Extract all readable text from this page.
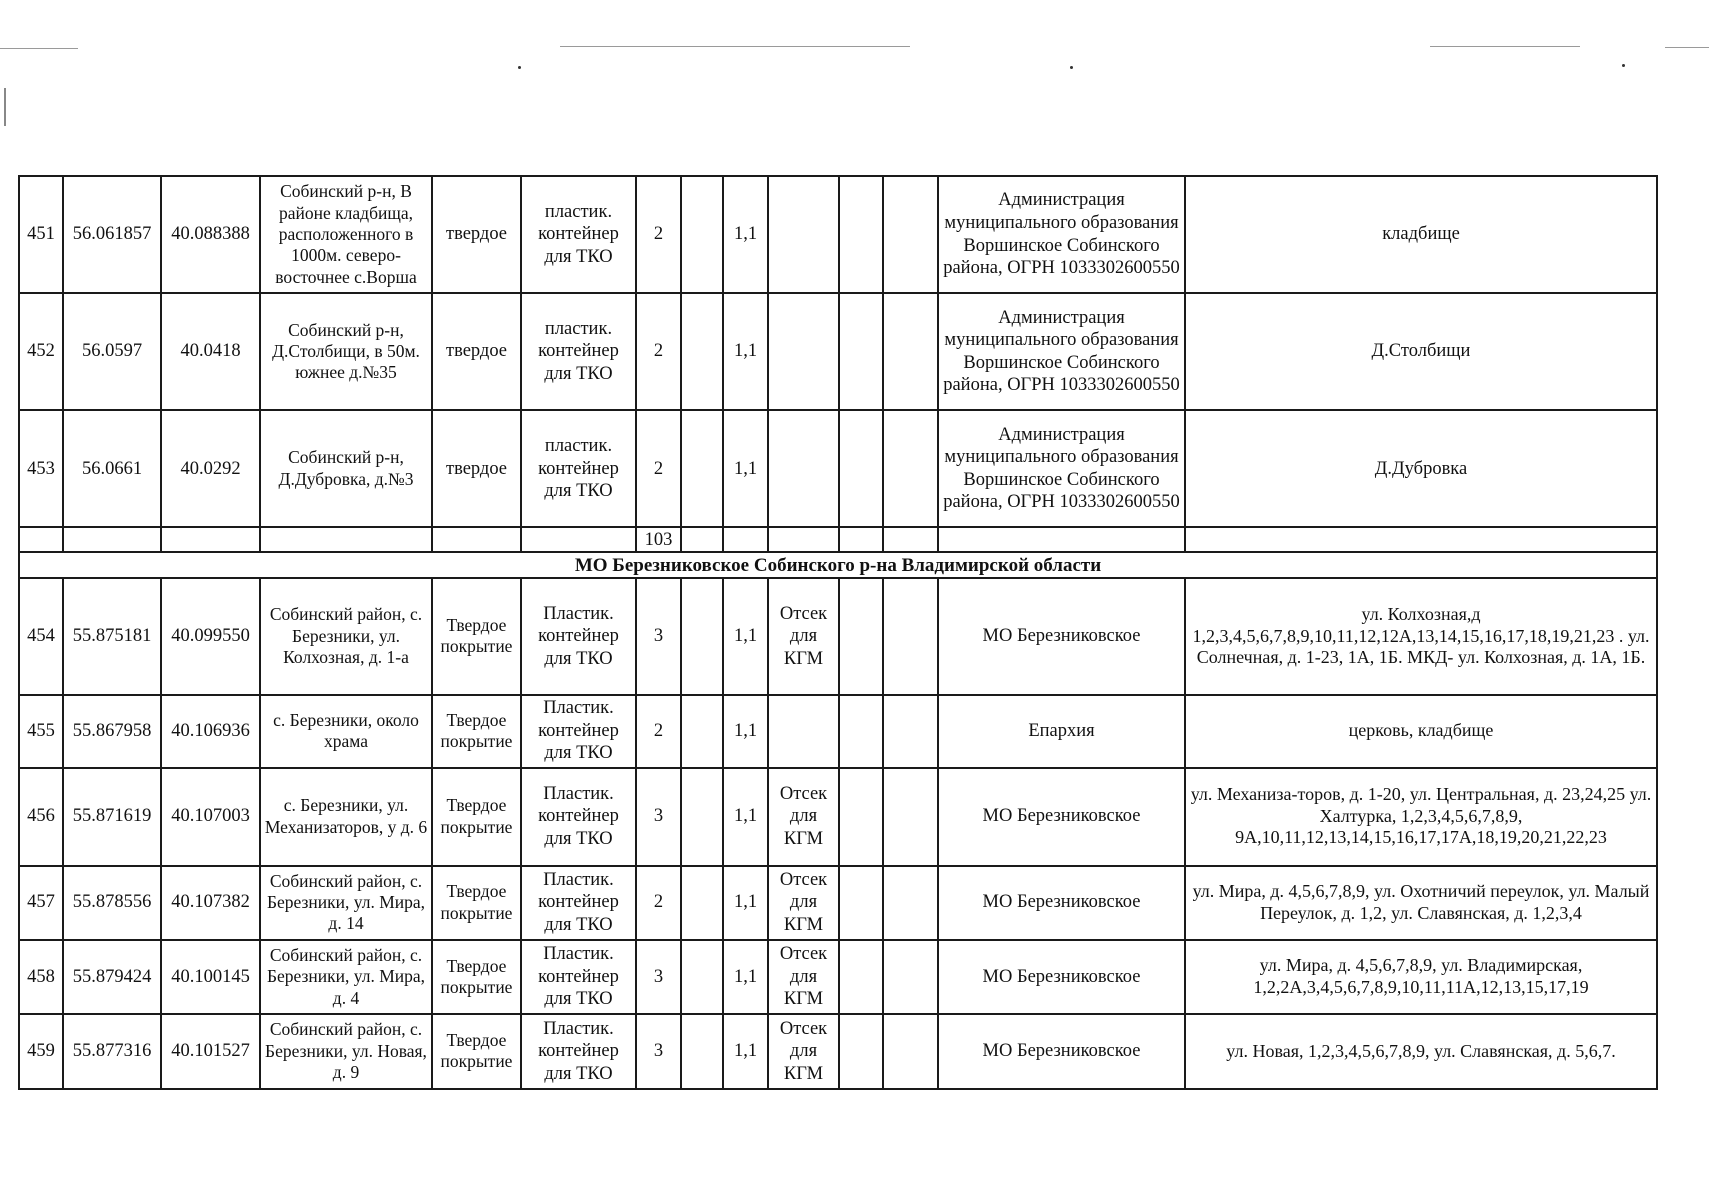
451	56.061857	40.088388	Собинский р-н, В районе кладбища, расположенного в 1000м. северо-восточнее с.Ворша	твердое	пластик. контейнер для ТКО	2		1,1				Администрация муниципального образования Воршинское Собинского района, ОГРН 1033302600550	кладбище
452	56.0597	40.0418	Собинский р-н, Д.Столбищи, в 50м. южнее д.№35	твердое	пластик. контейнер для ТКО	2		1,1				Администрация муниципального образования Воршинское Собинского района, ОГРН 1033302600550	Д.Столбищи
453	56.0661	40.0292	Собинский р-н, Д.Дубровка, д.№3	твердое	пластик. контейнер для ТКО	2		1,1				Администрация муниципального образования Воршинское Собинского района, ОГРН 1033302600550	Д.Дубровка
						103							
МО Березниковское Собинского р-на Владимирской области													
454	55.875181	40.099550	Собинский район, с. Березники, ул. Колхозная, д. 1-а	Твердое покрытие	Пластик. контейнер для ТКО	3		1,1	Отсек для КГМ			МО Березниковское	ул. Колхозная,д 1,2,3,4,5,6,7,8,9,10,11,12,12А,13,14,15,16,17,18,19,21,23 . ул. Солнечная, д. 1-23, 1А, 1Б. МКД- ул. Колхозная, д. 1А, 1Б.
455	55.867958	40.106936	с. Березники, около храма	Твердое покрытие	Пластик. контейнер для ТКО	2		1,1				Епархия	церковь, кладбище
456	55.871619	40.107003	с. Березники, ул. Механизаторов, у д. 6	Твердое покрытие	Пластик. контейнер для ТКО	3		1,1	Отсек для КГМ			МО Березниковское	ул. Механиза-торов, д. 1-20, ул. Центральная, д. 23,24,25 ул. Халтурка, 1,2,3,4,5,6,7,8,9, 9А,10,11,12,13,14,15,16,17,17А,18,19,20,21,22,23
457	55.878556	40.107382	Собинский район, с. Березники, ул. Мира, д. 14	Твердое покрытие	Пластик. контейнер для ТКО	2		1,1	Отсек для КГМ			МО Березниковское	ул. Мира, д. 4,5,6,7,8,9, ул. Охотничий переулок, ул. Малый Переулок, д. 1,2, ул. Славянская, д. 1,2,3,4
458	55.879424	40.100145	Собинский район, с. Березники, ул. Мира, д. 4	Твердое покрытие	Пластик. контейнер для ТКО	3		1,1	Отсек для КГМ			МО Березниковское	ул. Мира, д. 4,5,6,7,8,9, ул. Владимирская, 1,2,2А,3,4,5,6,7,8,9,10,11,11А,12,13,15,17,19
459	55.877316	40.101527	Собинский район, с. Березники, ул. Новая, д. 9	Твердое покрытие	Пластик. контейнер для ТКО	3		1,1	Отсек для КГМ			МО Березниковское	ул. Новая, 1,2,3,4,5,6,7,8,9, ул. Славянская, д. 5,6,7.
